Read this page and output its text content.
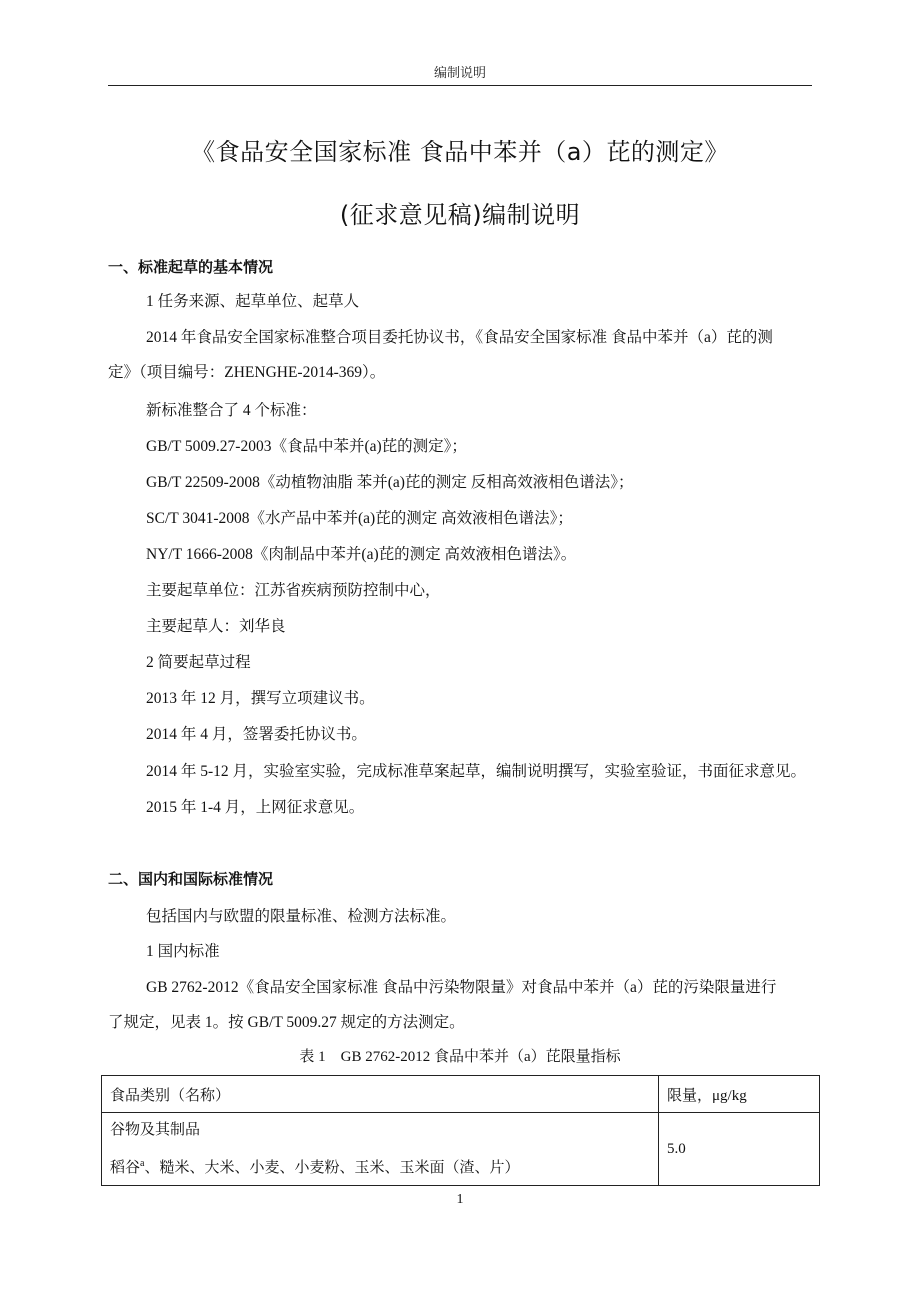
编制说明
《食品安全国家标准 食品中苯并（a）芘的测定》
(征求意见稿)编制说明
一、标准起草的基本情况
1 任务来源、起草单位、起草人
2014 年食品安全国家标准整合项目委托协议书，《食品安全国家标准 食品中苯并（a）芘的测
定》（项目编号：ZHENGHE-2014-369）。
新标准整合了 4 个标准：
GB/T 5009.27-2003《食品中苯并(a)芘的测定》；
GB/T 22509-2008《动植物油脂 苯并(a)芘的测定 反相高效液相色谱法》；
SC/T 3041-2008《水产品中苯并(a)芘的测定 高效液相色谱法》；
NY/T 1666-2008《肉制品中苯并(a)芘的测定 高效液相色谱法》。
主要起草单位：江苏省疾病预防控制中心，
主要起草人：刘华良
2 简要起草过程
2013 年 12 月，撰写立项建议书。
2014 年 4 月，签署委托协议书。
2014 年 5-12 月，实验室实验，完成标准草案起草，编制说明撰写，实验室验证，书面征求意见。
2015 年 1-4 月，上网征求意见。
二、国内和国际标准情况
包括国内与欧盟的限量标准、检测方法标准。
1 国内标准
GB 2762-2012《食品安全国家标准 食品中污染物限量》对食品中苯并（a）芘的污染限量进行
了规定，见表 1。按 GB/T 5009.27 规定的方法测定。
表 1　GB 2762-2012 食品中苯并（a）芘限量指标
食品类别（名称）	限量，μg/kg

谷物及其制品
稻谷$^a$、糙米、大米、小麦、小麦粉、玉米、玉米面（渣、片）	5.0
1
